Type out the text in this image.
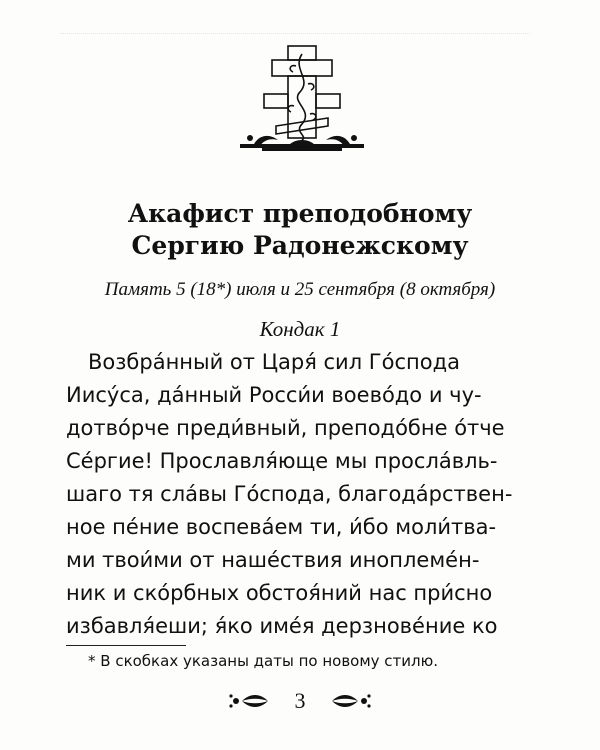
Акафист преподобному
Сергию Радонежскому
Память 5 (18*) июля и 25 сентября (8 октября)
Кондак 1
Возбра́нный от Царя́ сил Го́спода
Иису́са, да́нный Росси́и воево́до и чу-
дотво́рче преди́вный, преподо́бне о́тче
Се́ргие! Прославля́юще мы просла́вль-
шаго тя сла́вы Го́спода, благода́рствен-
ное пе́ние воспева́ем ти, и́бо моли́тва-
ми твои́ми от наше́ствия иноплеме́н-
ник и ско́рбных обстоя́ний нас при́сно
избавля́еши; я́ко име́я дерзнове́ние ко
* В скобках указаны даты по новому стилю.
3
